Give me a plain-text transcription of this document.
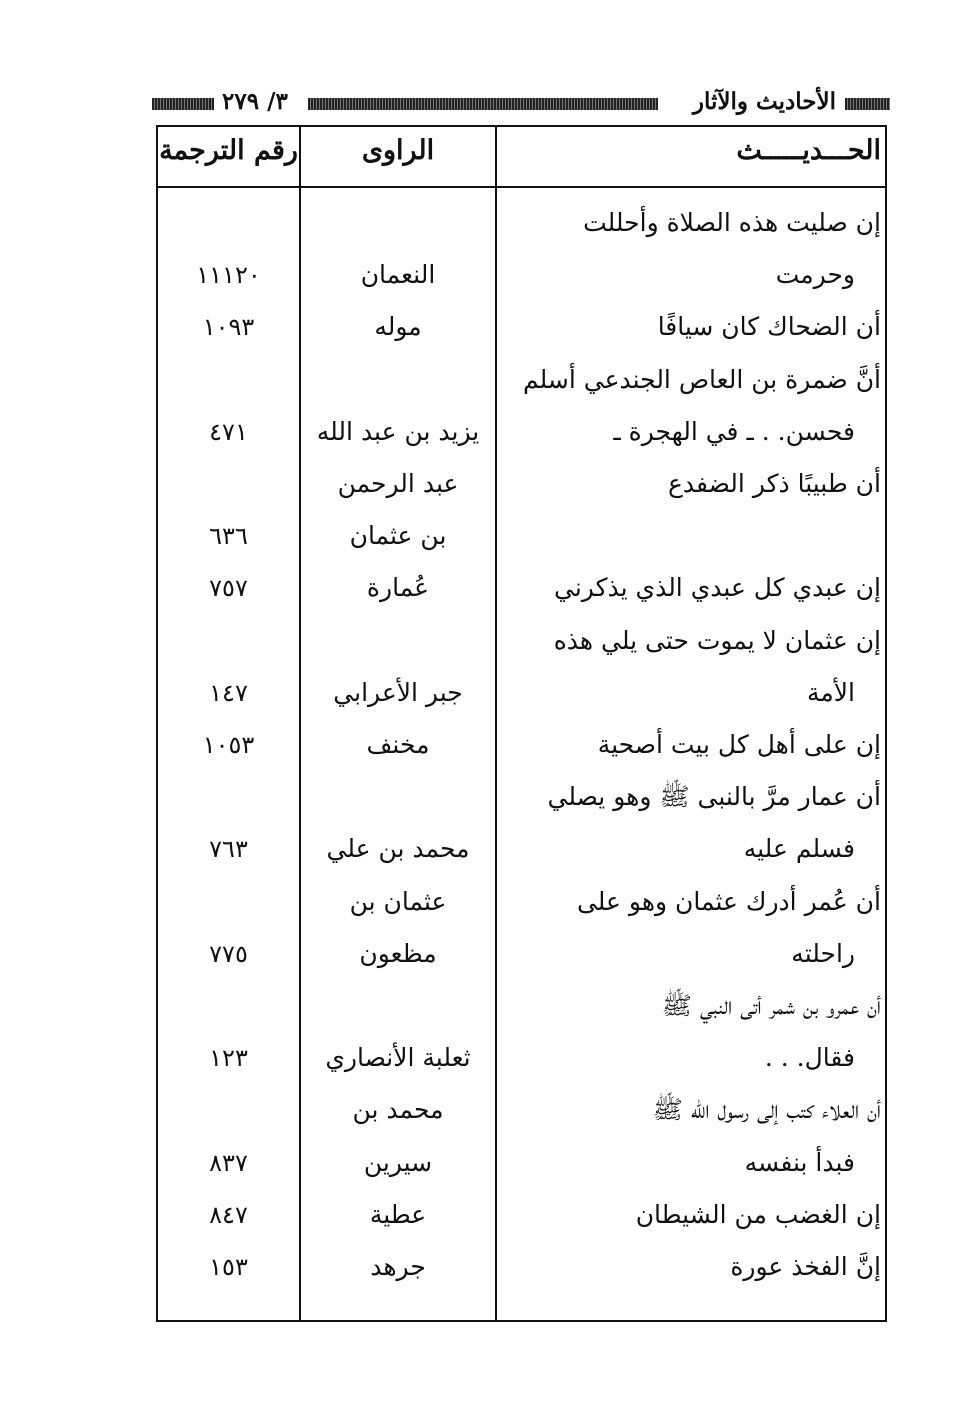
الأحاديث والآثار
٣/ ٢٧٩
رقم الترجمة	الراوى	الحـــديـــــث
إن صليت هذه الصلاة وأحللت
وحرمت
النعمان
١١١٢٠
أن الضحاك كان سيافًا
موله
١٠٩٣
أنَّ ضمرة بن العاص الجندعي أسلم
فحسن. . ـ في الهجرة ـ
يزيد بن عبد الله
٤٧١
أن طبيبًا ذكر الضفدع
عبد الرحمن
بن عثمان
٦٣٦
إن عبدي كل عبدي الذي يذكرني
عُمارة
٧٥٧
إن عثمان لا يموت حتى يلي هذه
الأمة
جبر الأعرابي
١٤٧
إن على أهل كل بيت أصحية
مخنف
١٠٥٣
أن عمار مرَّ بالنبى ﷺ وهو يصلي
فسلم عليه
محمد بن علي
٧٦٣
أن عُمر أدرك عثمان وهو على
عثمان بن
راحلته
مظعون
٧٧٥
أن عمرو بن شمر أتى النبي ﷺ
فقال. . .
ثعلبة الأنصاري
١٢٣
أن العلاء كتب إلى رسول الله ﷺ
محمد بن
فبدأ بنفسه
سيرين
٨٣٧
إن الغضب من الشيطان
عطية
٨٤٧
إنَّ الفخذ عورة
جرهد
١٥٣
